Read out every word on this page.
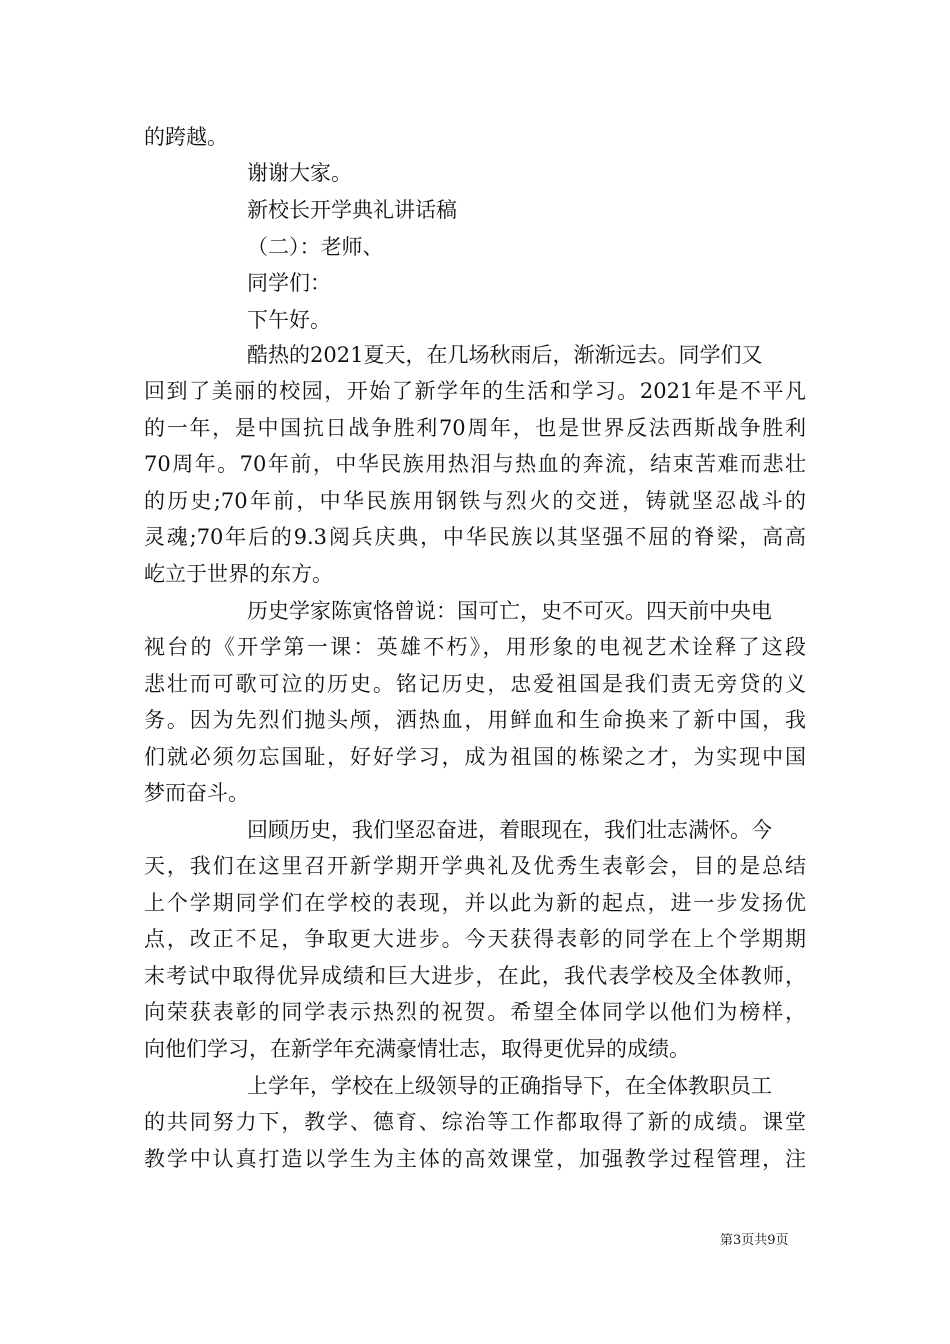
的跨越。
谢谢大家。
新校长开学典礼讲话稿
（二）：老师、
同学们：
下午好。
酷热的2021夏天，在几场秋雨后，渐渐远去。同学们又
回到了美丽的校园，开始了新学年的生活和学习。2021年是不平凡
的一年，是中国抗日战争胜利70周年，也是世界反法西斯战争胜利
70周年。70年前，中华民族用热泪与热血的奔流，结束苦难而悲壮
的历史;70年前，中华民族用钢铁与烈火的交迸，铸就坚忍战斗的
灵魂;70年后的9.3阅兵庆典，中华民族以其坚强不屈的脊梁，高高
屹立于世界的东方。
历史学家陈寅恪曾说：国可亡，史不可灭。四天前中央电
视台的《开学第一课：英雄不朽》，用形象的电视艺术诠释了这段
悲壮而可歌可泣的历史。铭记历史，忠爱祖国是我们责无旁贷的义
务。因为先烈们抛头颅，洒热血，用鲜血和生命换来了新中国，我
们就必须勿忘国耻，好好学习，成为祖国的栋梁之才，为实现中国
梦而奋斗。
回顾历史，我们坚忍奋进，着眼现在，我们壮志满怀。今
天，我们在这里召开新学期开学典礼及优秀生表彰会，目的是总结
上个学期同学们在学校的表现，并以此为新的起点，进一步发扬优
点，改正不足，争取更大进步。今天获得表彰的同学在上个学期期
末考试中取得优异成绩和巨大进步，在此，我代表学校及全体教师，
向荣获表彰的同学表示热烈的祝贺。希望全体同学以他们为榜样，
向他们学习，在新学年充满豪情壮志，取得更优异的成绩。
上学年，学校在上级领导的正确指导下，在全体教职员工
的共同努力下，教学、德育、综治等工作都取得了新的成绩。课堂
教学中认真打造以学生为主体的高效课堂，加强教学过程管理，注
第3页共9页
